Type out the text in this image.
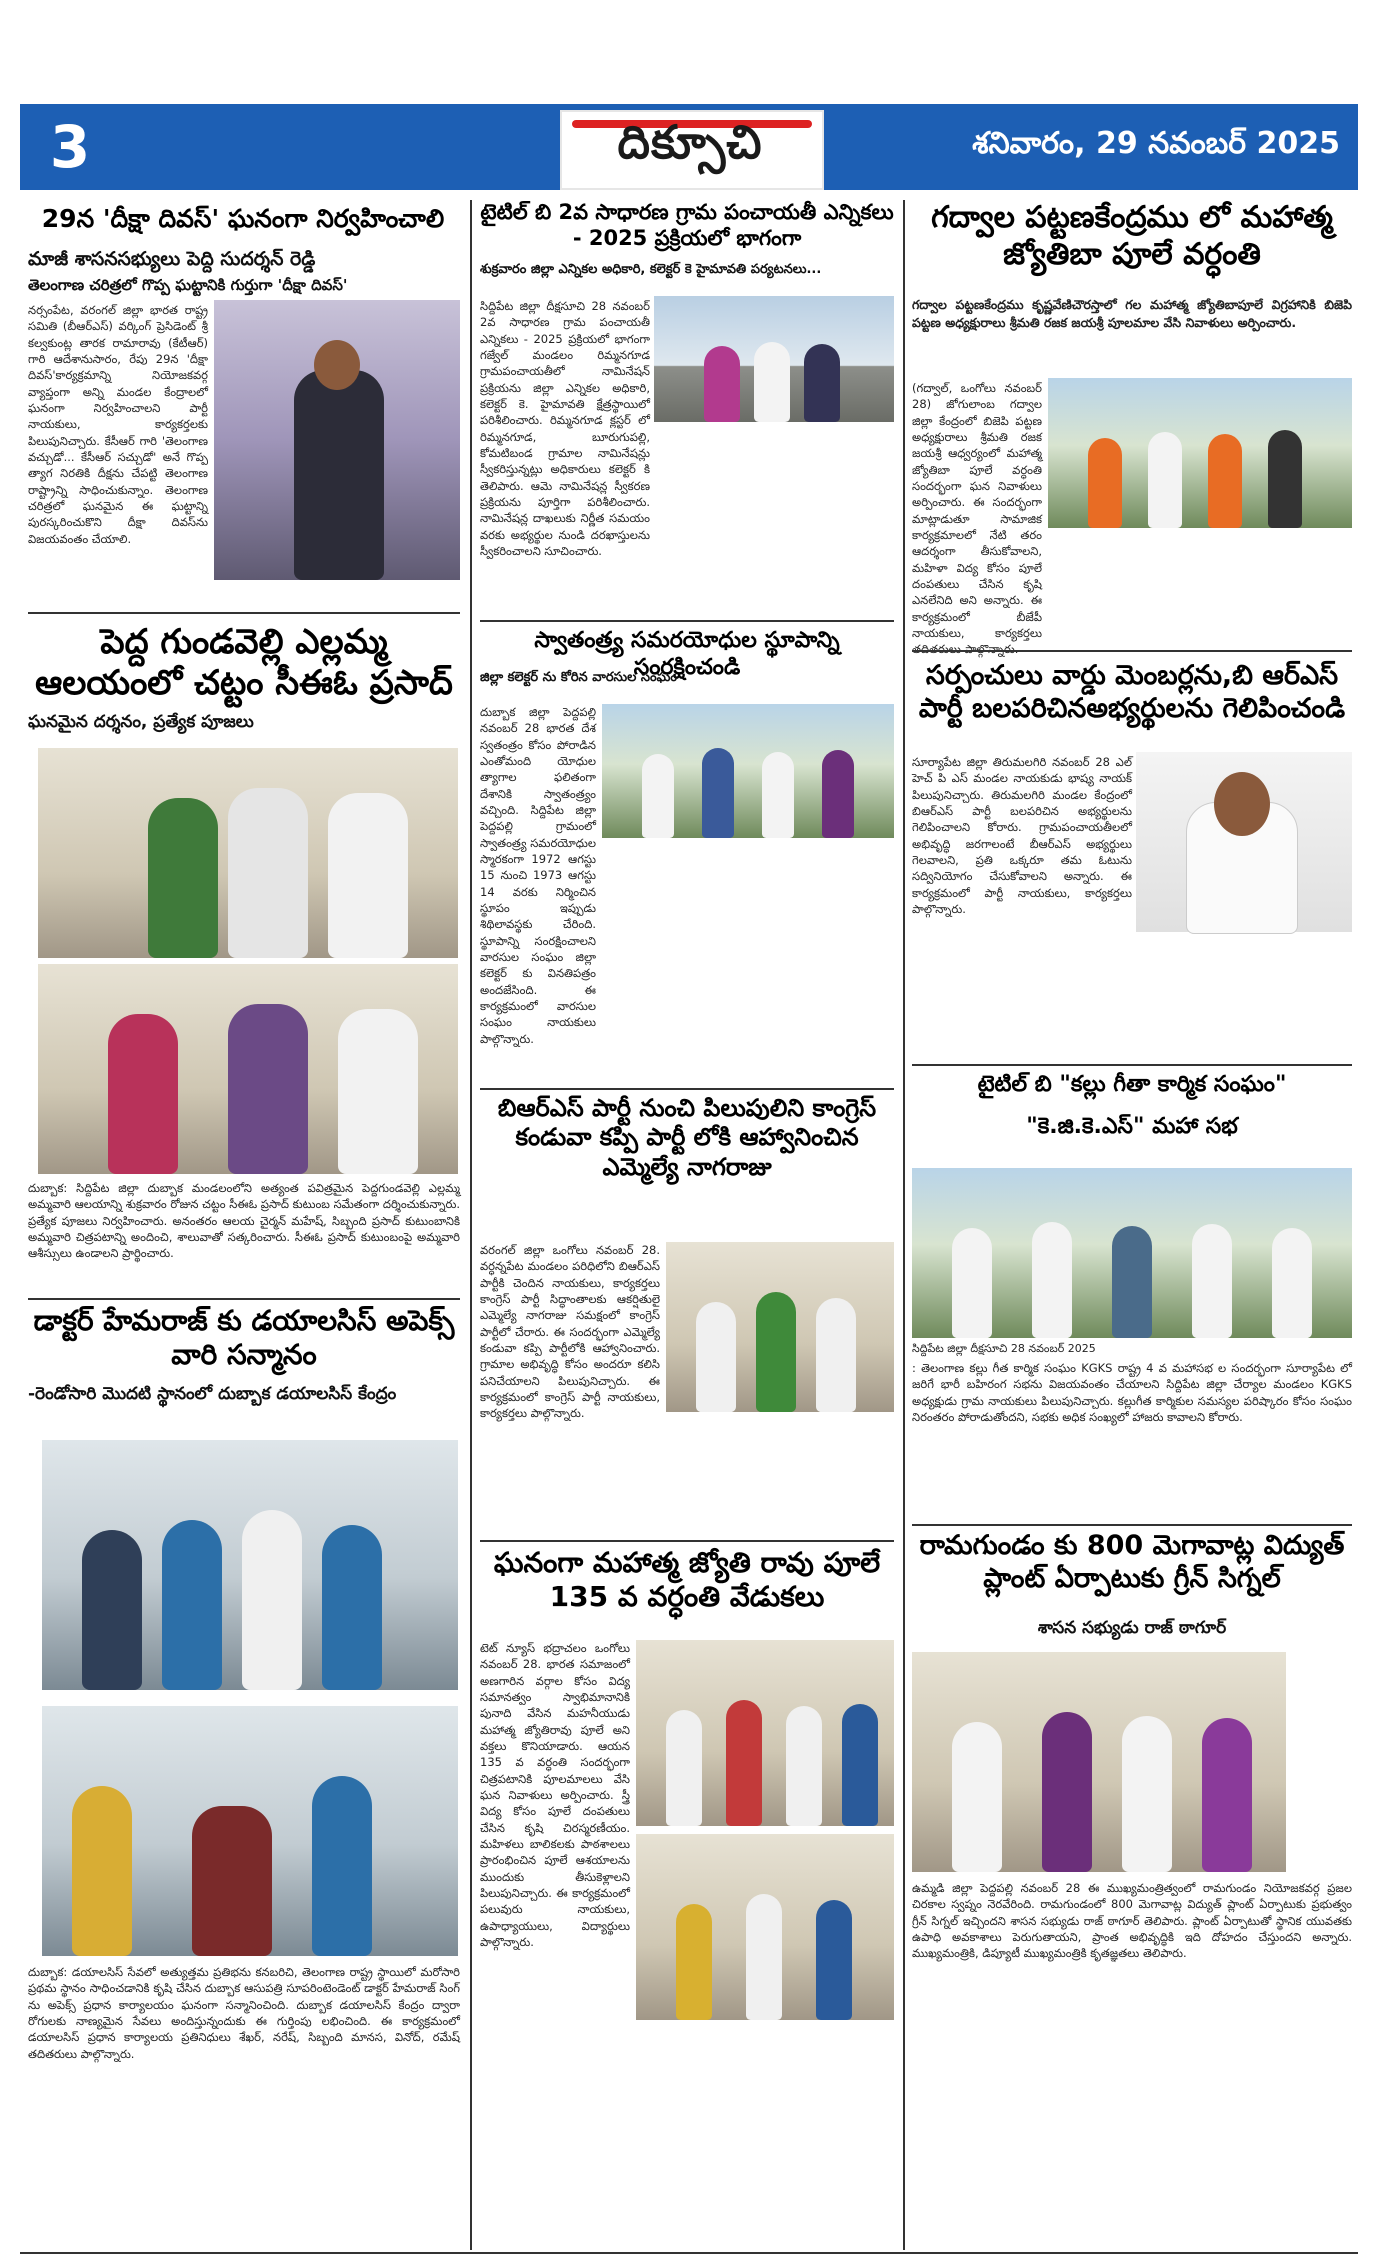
3	దిక్సూచి	శనివారం, 29 నవంబర్ 2025
29న 'దీక్షా దివస్' ఘనంగా నిర్వహించాలి
మాజీ శాసనసభ్యులు పెద్ది సుదర్శన్ రెడ్డి
తెలంగాణ చరిత్రలో గొప్ప ఘట్టానికి గుర్తుగా 'దీక్షా దివస్'
నర్సంపేట, వరంగల్ జిల్లా భారత రాష్ట్ర సమితి (బీఆర్ఎస్) వర్కింగ్ ప్రెసిడెంట్ శ్రీ కల్వకుంట్ల తారక రామారావు (కేటీఆర్) గారి ఆదేశానుసారం, రేపు 29న 'దీక్షా దివస్'కార్యక్రమాన్ని నియోజకవర్గ వ్యాప్తంగా అన్ని మండల కేంద్రాలలో ఘనంగా నిర్వహించాలని పార్టీ నాయకులు, కార్యకర్తలకు పిలుపునిచ్చారు. కేసీఆర్ గారి 'తెలంగాణ వచ్చుడో... కేసీఆర్ సచ్చుడో' అనే గొప్ప త్యాగ నిరతికి దీక్షను చేపట్టి తెలంగాణ రాష్ట్రాన్ని సాధించుకున్నాం. తెలంగాణ చరిత్రలో ఘనమైన ఈ ఘట్టాన్ని పురస్కరించుకొని దీక్షా దివస్‌ను విజయవంతం చేయాలి.
పెద్ద గుండవెల్లి ఎల్లమ్మ ఆలయంలో చట్టం సీఈఓ ప్రసాద్
ఘనమైన దర్శనం, ప్రత్యేక పూజలు
దుబ్బాక: సిద్దిపేట జిల్లా దుబ్బాక మండలంలోని అత్యంత పవిత్రమైన పెద్దగుండవెల్లి ఎల్లమ్మ అమ్మవారి ఆలయాన్ని శుక్రవారం రోజున చట్టం సీఈఓ ప్రసాద్ కుటుంబ సమేతంగా దర్శించుకున్నారు. ప్రత్యేక పూజలు నిర్వహించారు. అనంతరం ఆలయ చైర్మన్ మహేష్, సిబ్బంది ప్రసాద్ కుటుంబానికి అమ్మవారి చిత్రపటాన్ని అందించి, శాలువాతో సత్కరించారు. సీఈఓ ప్రసాద్ కుటుంబంపై అమ్మవారి ఆశీస్సులు ఉండాలని ప్రార్థించారు.
డాక్టర్ హేమరాజ్ కు డయాలసిస్ అపెక్స్ వారి సన్మానం
-రెండోసారి మొదటి స్థానంలో దుబ్బాక డయాలసిస్ కేంద్రం
దుబ్బాక: డయాలసిస్ సేవలో అత్యుత్తమ ప్రతిభను కనబరిచి, తెలంగాణ రాష్ట్ర స్థాయిలో మరోసారి ప్రథమ స్థానం సాధించడానికి కృషి చేసిన దుబ్బాక ఆసుపత్రి సూపరింటెండెంట్ డాక్టర్ హేమరాజ్ సింగ్ ను అపెక్స్ ప్రధాన కార్యాలయం ఘనంగా సన్మానించింది. దుబ్బాక డయాలసిస్ కేంద్రం ద్వారా రోగులకు నాణ్యమైన సేవలు అందిస్తున్నందుకు ఈ గుర్తింపు లభించింది. ఈ కార్యక్రమంలో డయాలసిస్ ప్రధాన కార్యాలయ ప్రతినిధులు శేఖర్, నరేష్, సిబ్బంది మానస, వినోద్, రమేష్ తదితరులు పాల్గొన్నారు.
టైటిల్ బి 2వ సాధారణ గ్రామ పంచాయతీ ఎన్నికలు - 2025 ప్రక్రియలో భాగంగా
శుక్రవారం జిల్లా ఎన్నికల అధికారి, కలెక్టర్ కె హైమావతి పర్యటనలు...
సిద్దిపేట జిల్లా దీక్షసూచి 28 నవంబర్ 2వ సాధారణ గ్రామ పంచాయతీ ఎన్నికలు - 2025 ప్రక్రియలో భాగంగా గజ్వేల్ మండలం రిమ్మనగూడ గ్రామపంచాయతీలో నామినేషన్ ప్రక్రియను జిల్లా ఎన్నికల అధికారి, కలెక్టర్ కె. హైమావతి క్షేత్రస్థాయిలో పరిశీలించారు. రిమ్మనగూడ క్లస్టర్ లో రిమ్మనగూడ, బూరుగుపల్లి, కోమటిబండ గ్రామాల నామినేషన్లు స్వీకరిస్తున్నట్లు అధికారులు కలెక్టర్ కి తెలిపారు. ఆమె నామినేషన్ల స్వీకరణ ప్రక్రియను పూర్తిగా పరిశీలించారు. నామినేషన్ల దాఖలుకు నిర్ణీత సమయం వరకు అభ్యర్థుల నుండి దరఖాస్తులను స్వీకరించాలని సూచించారు.
స్వాతంత్ర్య సమరయోధుల స్థూపాన్ని సంరక్షించండి
జిల్లా కలెక్టర్ ను కోరిన వారసుల సంఘం
దుబ్బాక జిల్లా పెద్దపల్లి నవంబర్ 28 భారత దేశ స్వతంత్రం కోసం పోరాడిన ఎంతోమంది యోధుల త్యాగాల ఫలితంగా దేశానికి స్వాతంత్ర్యం వచ్చింది. సిద్దిపేట జిల్లా పెద్దపల్లి గ్రామంలో స్వాతంత్ర్య సమరయోధుల స్మారకంగా 1972 ఆగస్టు 15 నుంచి 1973 ఆగస్టు 14 వరకు నిర్మించిన స్థూపం ఇప్పుడు శిథిలావస్థకు చేరింది. స్థూపాన్ని సంరక్షించాలని వారసుల సంఘం జిల్లా కలెక్టర్ కు వినతిపత్రం అందజేసింది. ఈ కార్యక్రమంలో వారసుల సంఘం నాయకులు పాల్గొన్నారు.
బిఆర్ఎస్ పార్టీ నుంచి పిలుపులిని కాంగ్రెస్ కండువా కప్పి పార్టీ లోకి ఆహ్వానించిన ఎమ్మెల్యే నాగరాజు
వరంగల్ జిల్లా ఒంగోలు నవంబర్ 28. వర్ధన్నపేట మండలం పరిధిలోని బిఆర్ఎస్ పార్టీకి చెందిన నాయకులు, కార్యకర్తలు కాంగ్రెస్ పార్టీ సిద్ధాంతాలకు ఆకర్షితులై ఎమ్మెల్యే నాగరాజు సమక్షంలో కాంగ్రెస్ పార్టీలో చేరారు. ఈ సందర్భంగా ఎమ్మెల్యే కండువా కప్పి పార్టీలోకి ఆహ్వానించారు. గ్రామాల అభివృద్ధి కోసం అందరూ కలిసి పనిచేయాలని పిలుపునిచ్చారు. ఈ కార్యక్రమంలో కాంగ్రెస్ పార్టీ నాయకులు, కార్యకర్తలు పాల్గొన్నారు.
ఘనంగా మహాత్మ జ్యోతి రావు పూలే 135 వ వర్ధంతి వేడుకలు
టెట్ న్యూస్ భద్రాచలం ఒంగోలు నవంబర్ 28. భారత సమాజంలో అణగారిన వర్గాల కోసం విద్య సమానత్వం స్వాభిమానానికి పునాది వేసిన మహనీయుడు మహాత్మ జ్యోతిరావు పూలే అని వక్తలు కొనియాడారు. ఆయన 135 వ వర్ధంతి సందర్భంగా చిత్రపటానికి పూలమాలలు వేసి ఘన నివాళులు అర్పించారు. స్త్రీ విద్య కోసం పూలే దంపతులు చేసిన కృషి చిరస్మరణీయం. మహిళలు బాలికలకు పాఠశాలలు ప్రారంభించిన పూలే ఆశయాలను ముందుకు తీసుకెళ్లాలని పిలుపునిచ్చారు. ఈ కార్యక్రమంలో పలువురు నాయకులు, ఉపాధ్యాయులు, విద్యార్థులు పాల్గొన్నారు.
గద్వాల పట్టణకేంద్రము లో మహాత్మ జ్యోతిబా పూలే వర్ధంతి
గద్వాల పట్టణకేంద్రము కృష్ణవేణిచౌరస్తాలో గల మహాత్మ జ్యోతిబాపూలే విగ్రహానికి బిజెపి పట్టణ అధ్యక్షురాలు శ్రీమతి రజక జయశ్రీ పూలమాల వేసి నివాళులు అర్పించారు.
(గద్వాల్, ఒంగోలు నవంబర్ 28) జోగులాంబ గద్వాల జిల్లా కేంద్రంలో బిజెపి పట్టణ అధ్యక్షురాలు శ్రీమతి రజక జయశ్రీ ఆధ్వర్యంలో మహాత్మ జ్యోతిబా పూలే వర్ధంతి సందర్భంగా ఘన నివాళులు అర్పించారు. ఈ సందర్భంగా మాట్లాడుతూ సామాజిక కార్యక్రమాలలో నేటి తరం ఆదర్శంగా తీసుకోవాలని, మహిళా విద్య కోసం పూలే దంపతులు చేసిన కృషి ఎనలేనిది అని అన్నారు. ఈ కార్యక్రమంలో బీజేపీ నాయకులు, కార్యకర్తలు
సర్పంచులు వార్డు మెంబర్లను,బి ఆర్ఎస్ పార్టీ బలపరిచినఅభ్యర్థులను గెలిపించండి
సూర్యాపేట జిల్లా తిరుమలగిరి నవంబర్ 28 ఎల్ హెచ్ పి ఎస్ మండల నాయకుడు భాష్య నాయక్ పిలుపునిచ్చారు. తిరుమలగిరి మండల కేంద్రంలో బిఆర్ఎస్ పార్టీ బలపరిచిన అభ్యర్థులను గెలిపించాలని కోరారు. గ్రామపంచాయతీలలో అభివృద్ధి జరగాలంటే బీఆర్ఎస్ అభ్యర్థులు గెలవాలని, ప్రతి ఒక్కరూ తమ ఓటును సద్వినియోగం చేసుకోవాలని అన్నారు. ఈ కార్యక్రమంలో పార్టీ నాయకులు, కార్యకర్తలు పాల్గొన్నారు.
టైటిల్ బి "కల్లు గీతా కార్మిక సంఘం"
"కె.జి.కె.ఎస్" మహా సభ
సిద్దిపేట జిల్లా దీక్షసూచి 28 నవంబర్ 2025
: తెలంగాణ కల్లు గీత కార్మిక సంఘం KGKS రాష్ట్ర 4 వ మహాసభ ల సందర్భంగా సూర్యాపేట లో జరిగే భారీ బహిరంగ సభను విజయవంతం చేయాలని సిద్దిపేట జిల్లా చేర్యాల మండలం KGKS అధ్యక్షుడు గ్రామ నాయకులు పిలుపునిచ్చారు. కల్లుగీత కార్మికుల సమస్యల పరిష్కారం కోసం సంఘం నిరంతరం పోరాడుతోందని, సభకు అధిక సంఖ్యలో హాజరు కావాలని కోరారు.
రామగుండం కు 800 మెగావాట్ల విద్యుత్ ప్లాంట్ ఏర్పాటుకు గ్రీన్ సిగ్నల్
శాసన సభ్యుడు రాజ్ ఠాగూర్
ఉమ్మడి జిల్లా పెద్దపల్లి నవంబర్ 28 ఈ ముఖ్యమంత్రిత్వంలో రామగుండం నియోజకవర్గ ప్రజల చిరకాల స్వప్నం నెరవేరింది. రామగుండంలో 800 మెగావాట్ల విద్యుత్ ప్లాంట్ ఏర్పాటుకు ప్రభుత్వం గ్రీన్ సిగ్నల్ ఇచ్చిందని శాసన సభ్యుడు రాజ్ ఠాగూర్ తెలిపారు. ప్లాంట్ ఏర్పాటుతో స్థానిక యువతకు ఉపాధి అవకాశాలు పెరుగుతాయని, ప్రాంత అభివృద్ధికి ఇది దోహదం చేస్తుందని అన్నారు. ముఖ్యమంత్రికి, డిప్యూటీ ముఖ్యమంత్రికి కృతజ్ఞతలు తెలిపారు.
